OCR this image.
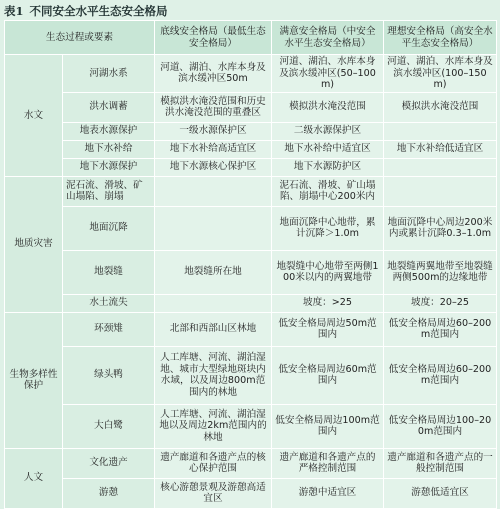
表1 不同安全水平生态安全格局
生态过程或要素		底线安全格局（最低生态安全格局）	满意安全格局（中安全水平生态安全格局）	理想安全格局（高安全水平生态安全格局）
水文	河湖水系	河道、湖泊、水库本身及滨水缓冲区50m	河道、湖泊、水库本身及滨水缓冲区(50–100m)	河道、湖泊、水库本身及滨水缓冲区(100–150m)
	洪水调蓄	模拟洪水淹没范围和历史洪水淹没范围的重叠区	模拟洪水淹没范围	模拟洪水淹没范围
	地表水源保护	一级水源保护区	二级水源保护区	
	地下水补给	地下水补给高适宜区	地下水补给中适宜区	地下水补给低适宜区
	地下水源保护	地下水源核心保护区	地下水源防护区	
地质灾害	泥石流、滑坡、矿山塌陷、崩塌		泥石流、滑坡、矿山塌陷、崩塌中心200米内	
	地面沉降		地面沉降中心地带，累计沉降＞1.0m	地面沉降中心周边200米内或累计沉降0.3–1.0m
	地裂缝	地裂缝所在地	地裂缝中心地带至两侧100米以内的两翼地带	地裂缝两翼地带至地裂缝两侧500m的边缘地带
	水土流失		坡度：>25	坡度：20–25
生物多样性保护	环颈雉	北部和西部山区林地	低安全格局周边50m范围内	低安全格局周边60–200m范围内
	绿头鸭	人工库塘、河流、湖泊湿地、城市大型绿地斑块内水域，以及周边800m范围内的林地	低安全格局周边60m范围内	低安全格局周边60–200m范围内
	大白鹭	人工库塘、河流、湖泊湿地以及周边2km范围内的林地	低安全格局周边100m范围内	低安全格局周边100–200m范围内
人文	文化遗产	遗产廊道和各遗产点的核心保护范围	遗产廊道和各遗产点的严格控制范围	遗产廊道和各遗产点的一般控制范围
	游憩	核心游憩景观及游憩高适宜区	游憩中适宜区	游憩低适宜区
